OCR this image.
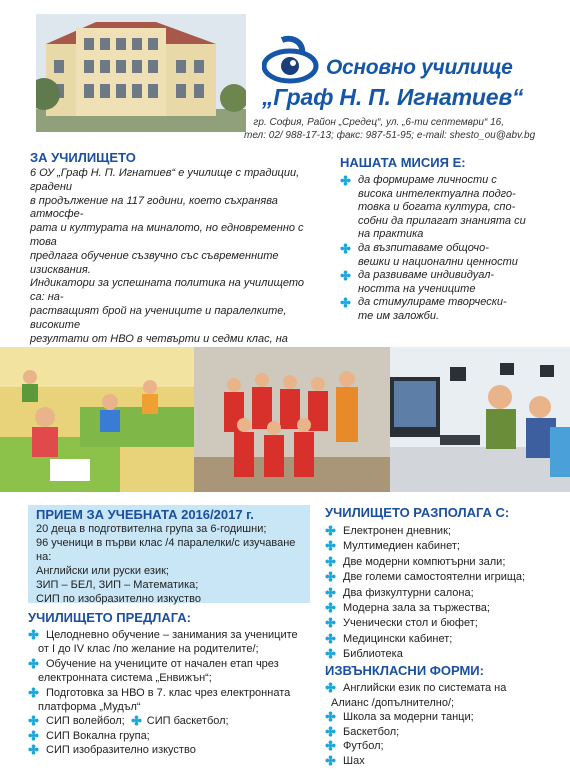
6
Основно училище
„Граф Н. П. Игнатиев“
гр. София, Район „Средец“, ул. „6-ти септември“ 16,
тел: 02/ 988-17-13; факс: 987-51-95; e-mail: shesto_ou@abv.bg
ЗА УЧИЛИЩЕТО

6 ОУ „Граф Н. П. Игнатиев“ е училище с традиции, градени
в продължение на 117 години, което съхранява атмосфе-
рата и културата на миналото, но едновременно с това
предлага обучение съзвучно със съвременните изисквания.
Индикатори за успешната политика на училището са: на-
растващият брой на учениците и паралелките, високите
резултати от НВО в четвърти и седми клас, на

НАШАТА МИСИЯ Е:
да формираме личности с
висока интелектуална подго-
товка и богата култура, спо-
собни да прилагат знанията си
на практика
да възпитаваме общочо-
вешки и национални ценности
да развиваме индивидуал-
ността на учениците
да стимулираме творчески-
те им заложби.
ПРИЕМ ЗА УЧЕБНАТА 2016/2017 г.

20 деца в подготвителна група за 6-годишни;

96 ученици в първи клас /4 паралелки/с изучаване на:

Английски или руски език;

ЗИП – БЕЛ, ЗИП – Математика;

СИП по изобразително изкуство

УЧИЛИЩЕТО ПРЕДЛАГА:
Целодневно обучение – занимания за учениците
от I до IV клас /по желание на родителите/;
Обучение на учениците от начален етап чрез
електронната система „Енвижън“;
Подготовка за НВО в 7. клас чрез електронната
платформа „Мудъл“
СИП волейбол; СИП баскетбол;
СИП Вокална група;
СИП изобразително изкуство
УЧИЛИЩЕТО РАЗПОЛАГА С:
Електронен дневник;
Мултимедиен кабинет;
Две модерни компютърни зали;
Две големи самостоятелни игрища;
Два физкултурни салона;
Модерна зала за тържества;
Ученически стол и бюфет;
Медицински кабинет;
Библиотека
ИЗВЪНКЛАСНИ ФОРМИ:
Английски език по системата на
Алианс /допълнително/;
Школа за модерни танци;
Баскетбол;
Футбол;
Шах
